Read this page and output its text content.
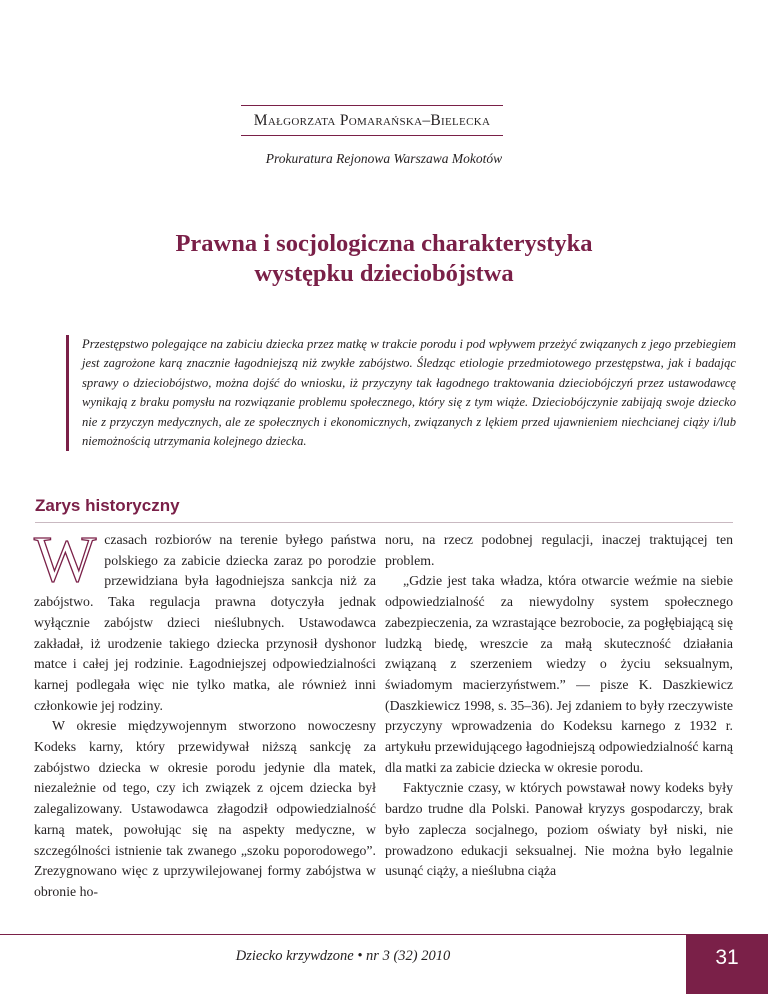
Małgorzata Pomarańska–Bielecka
Prokuratura Rejonowa Warszawa Mokotów
Prawna i socjologiczna charakterystyka
występku dzieciobójstwa
Przestępstwo polegające na zabiciu dziecka przez matkę w trakcie porodu i pod wpływem przeżyć związanych z jego przebiegiem jest zagrożone karą znacznie łagodniejszą niż zwykłe zabójstwo. Śledząc etiologie przedmiotowego przestępstwa, jak i badając sprawy o dzieciobójstwo, można dojść do wniosku, iż przyczyny tak łagodnego traktowania dzieciobójczyń przez ustawodawcę wynikają z braku pomysłu na rozwiązanie problemu społecznego, który się z tym wiąże. Dzieciobójczynie zabijają swoje dziecko nie z przyczyn medycznych, ale ze społecznych i ekonomicznych, związanych z lękiem przed ujawnieniem niechcianej ciąży i/lub niemożnością utrzymania kolejnego dziecka.
Zarys historyczny

Wczasach rozbiorów na terenie byłego państwa polskiego za zabicie dziecka zaraz po porodzie przewidziana była łagodniejsza sankcja niż za zabójstwo. Taka regulacja prawna dotyczyła jednak wyłącznie zabójstw dzieci nieślubnych. Ustawodawca zakładał, iż urodzenie takiego dziecka przynosił dyshonor matce i całej jej rodzinie. Łagodniejszej odpowiedzialności karnej podlegała więc nie tylko matka, ale również inni członkowie jej rodziny.

W okresie międzywojennym stworzono nowoczesny Kodeks karny, który przewidywał niższą sankcję za zabójstwo dziecka w okresie porodu jedynie dla matek, niezależnie od tego, czy ich związek z ojcem dziecka był zalegalizowany. Ustawodawca złagodził odpowiedzialność karną matek, powołując się na aspekty medyczne, w szczególności istnienie tak zwanego „szoku poporodowego”. Zrezygnowano więc z uprzywilejowanej formy zabójstwa w obronie ho-

noru, na rzecz podobnej regulacji, inaczej traktującej ten problem.

„Gdzie jest taka władza, która otwarcie weźmie na siebie odpowiedzialność za niewydolny system społecznego zabezpieczenia, za wzrastające bezrobocie, za pogłębiającą się ludzką biedę, wreszcie za małą skuteczność działania związaną z szerzeniem wiedzy o życiu seksualnym, świadomym macierzyństwem.” — pisze K. Daszkiewicz (Daszkiewicz 1998, s. 35–36). Jej zdaniem to były rzeczywiste przyczyny wprowadzenia do Kodeksu karnego z 1932 r. artykułu przewidującego łagodniejszą odpowiedzialność karną dla matki za zabicie dziecka w okresie porodu.

Faktycznie czasy, w których powstawał nowy kodeks były bardzo trudne dla Polski. Panował kryzys gospodarczy, brak było zaplecza socjalnego, poziom oświaty był niski, nie prowadzono edukacji seksualnej. Nie można było legalnie usunąć ciąży, a nieślubna ciąża

Dziecko krzywdzone • nr 3 (32) 2010	31
